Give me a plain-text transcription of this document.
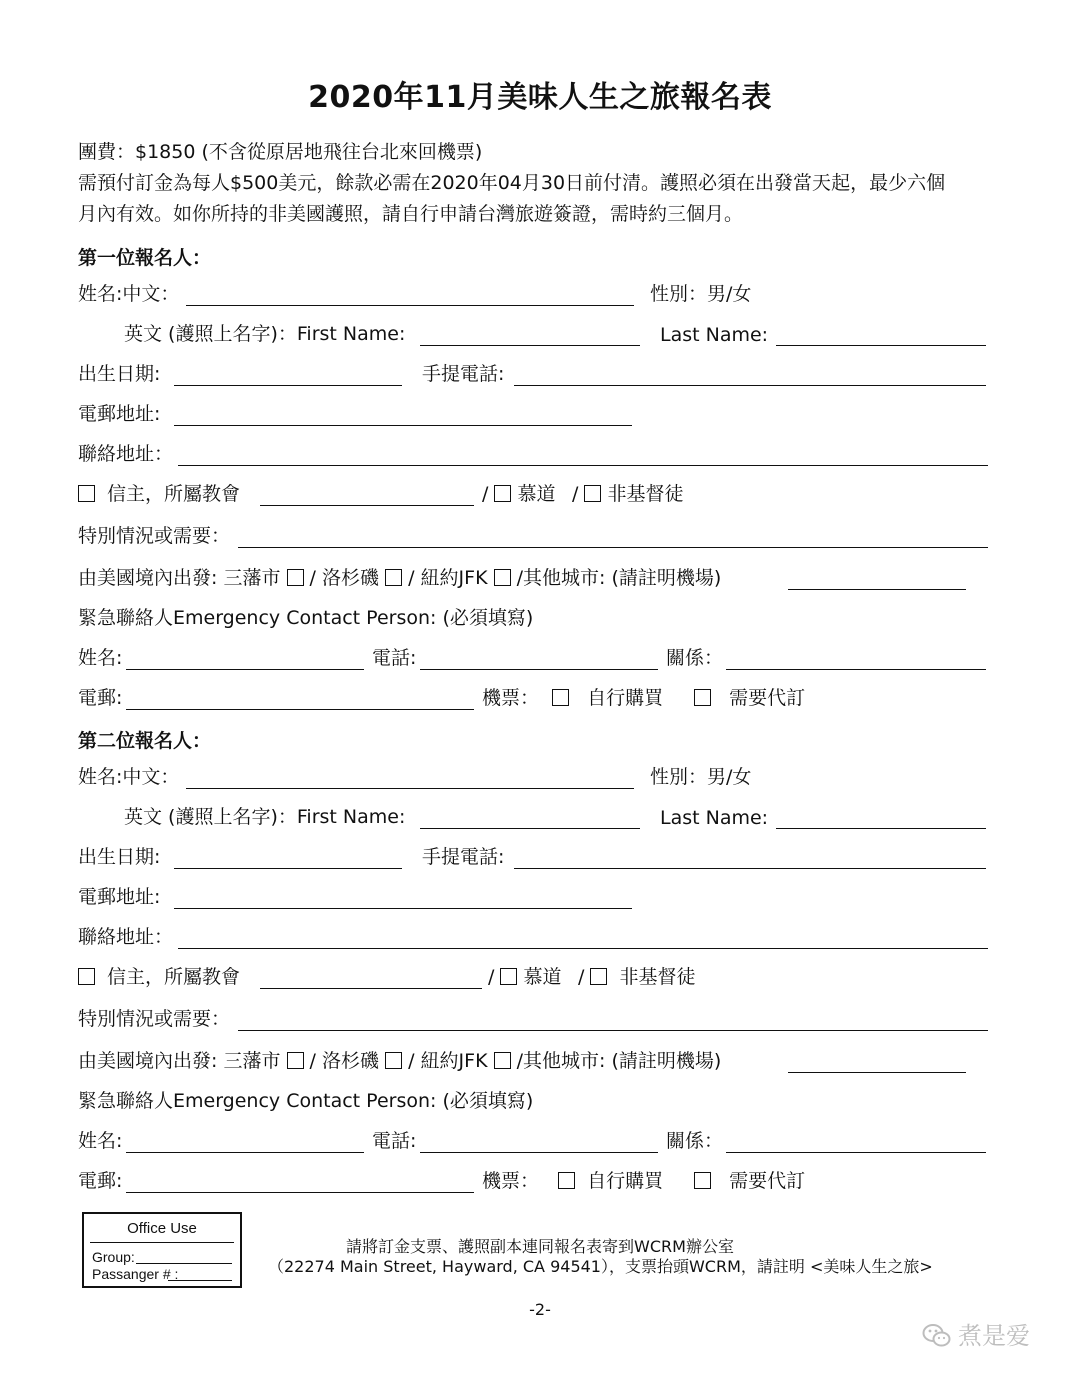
2020年11月美味人生之旅報名表
團費：$1850 (不含從原居地飛往台北來回機票)
需預付訂金為每人$500美元，餘款必需在2020年04月30日前付清。護照必須在出發當天起，最少六個
月內有效。如你所持的非美國護照，請自行申請台灣旅遊簽證，需時約三個月。
第一位報名人：
姓名:中文：	性別：男/女
英文 (護照上名字)：First Name:	Last Name:
出生日期:	手提電話:
電郵地址:
聯絡地址：
信主，所屬教會	/  慕道 /  非基督徒
特別情況或需要：
由美國境內出發: 三藩市  / 洛杉磯  / 紐約JFK  /其他城市: (請註明機場)
緊急聯絡人Emergency Contact Person: (必須填寫)
姓名:	電話:	關係：
電郵:	機票：	自行購買	需要代訂
第二位報名人：
姓名:中文：	性別：男/女
英文 (護照上名字)：First Name:	Last Name:
出生日期:	手提電話:
電郵地址:
聯絡地址：
信主，所屬教會	/  慕道 /   非基督徒
特別情況或需要：
由美國境內出發: 三藩市  / 洛杉磯  / 紐約JFK  /其他城市: (請註明機場)
緊急聯絡人Emergency Contact Person: (必須填寫)
姓名:	電話:	關係：
電郵:	機票：	自行購買	需要代訂
Office Use
Group:
Passanger # :
請將訂金支票、護照副本連同報名表寄到WCRM辦公室
（22274 Main Street, Hayward, CA 94541），支票抬頭WCRM，請註明 <美味人生之旅>
-2-
煮是爱
